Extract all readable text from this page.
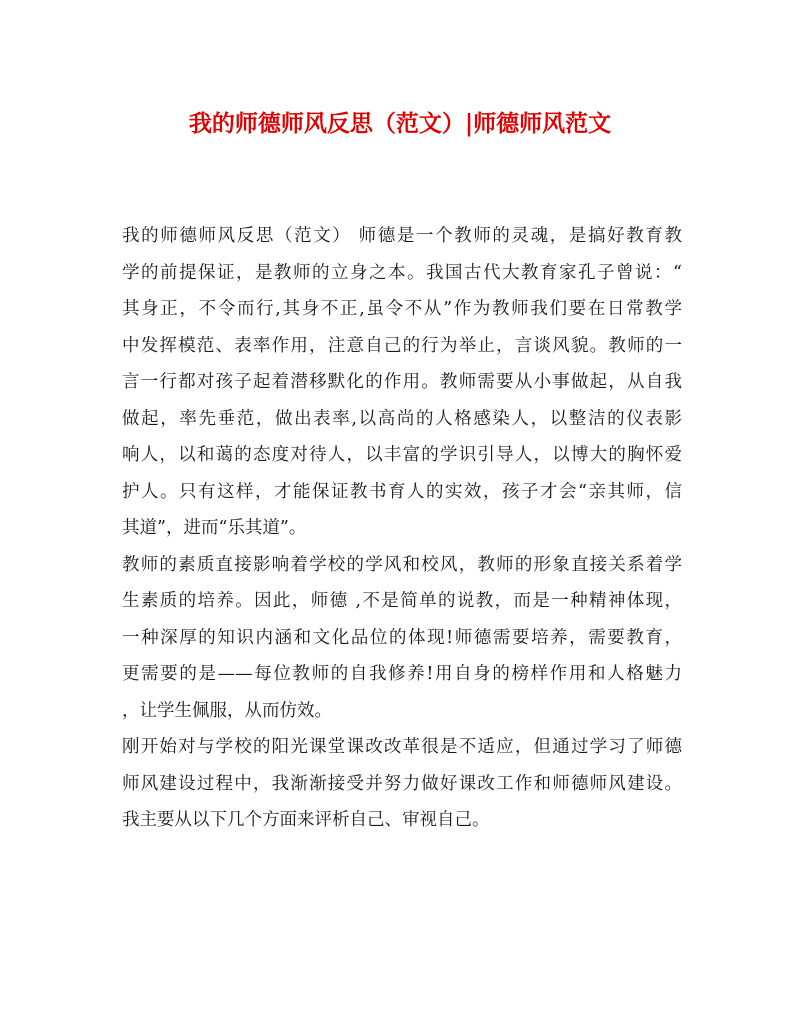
我的师德师风反思（范文）|师德师风范文
我的师德师风反思（范文） 师德是一个教师的灵魂，是搞好教育教
学的前提保证，是教师的立身之本。我国古代大教育家孔子曾说：“
其身正，不令而行,其身不正,虽令不从”作为教师我们要在日常教学
中发挥模范、表率作用，注意自己的行为举止，言谈风貌。教师的一
言一行都对孩子起着潜移默化的作用。教师需要从小事做起，从自我
做起，率先垂范，做出表率,以高尚的人格感染人，以整洁的仪表影
响人，以和蔼的态度对待人，以丰富的学识引导人，以博大的胸怀爱
护人。只有这样，才能保证教书育人的实效，孩子才会“亲其师，信
其道”，进而“乐其道”。
教师的素质直接影响着学校的学风和校风，教师的形象直接关系着学
生素质的培养。因此，师德 ,不是简单的说教，而是一种精神体现，
一种深厚的知识内涵和文化品位的体现!师德需要培养，需要教育，
更需要的是——每位教师的自我修养!用自身的榜样作用和人格魅力
，让学生佩服，从而仿效。
刚开始对与学校的阳光课堂课改改革很是不适应，但通过学习了师德
师风建设过程中，我渐渐接受并努力做好课改工作和师德师风建设。
我主要从以下几个方面来评析自己、审视自己。
